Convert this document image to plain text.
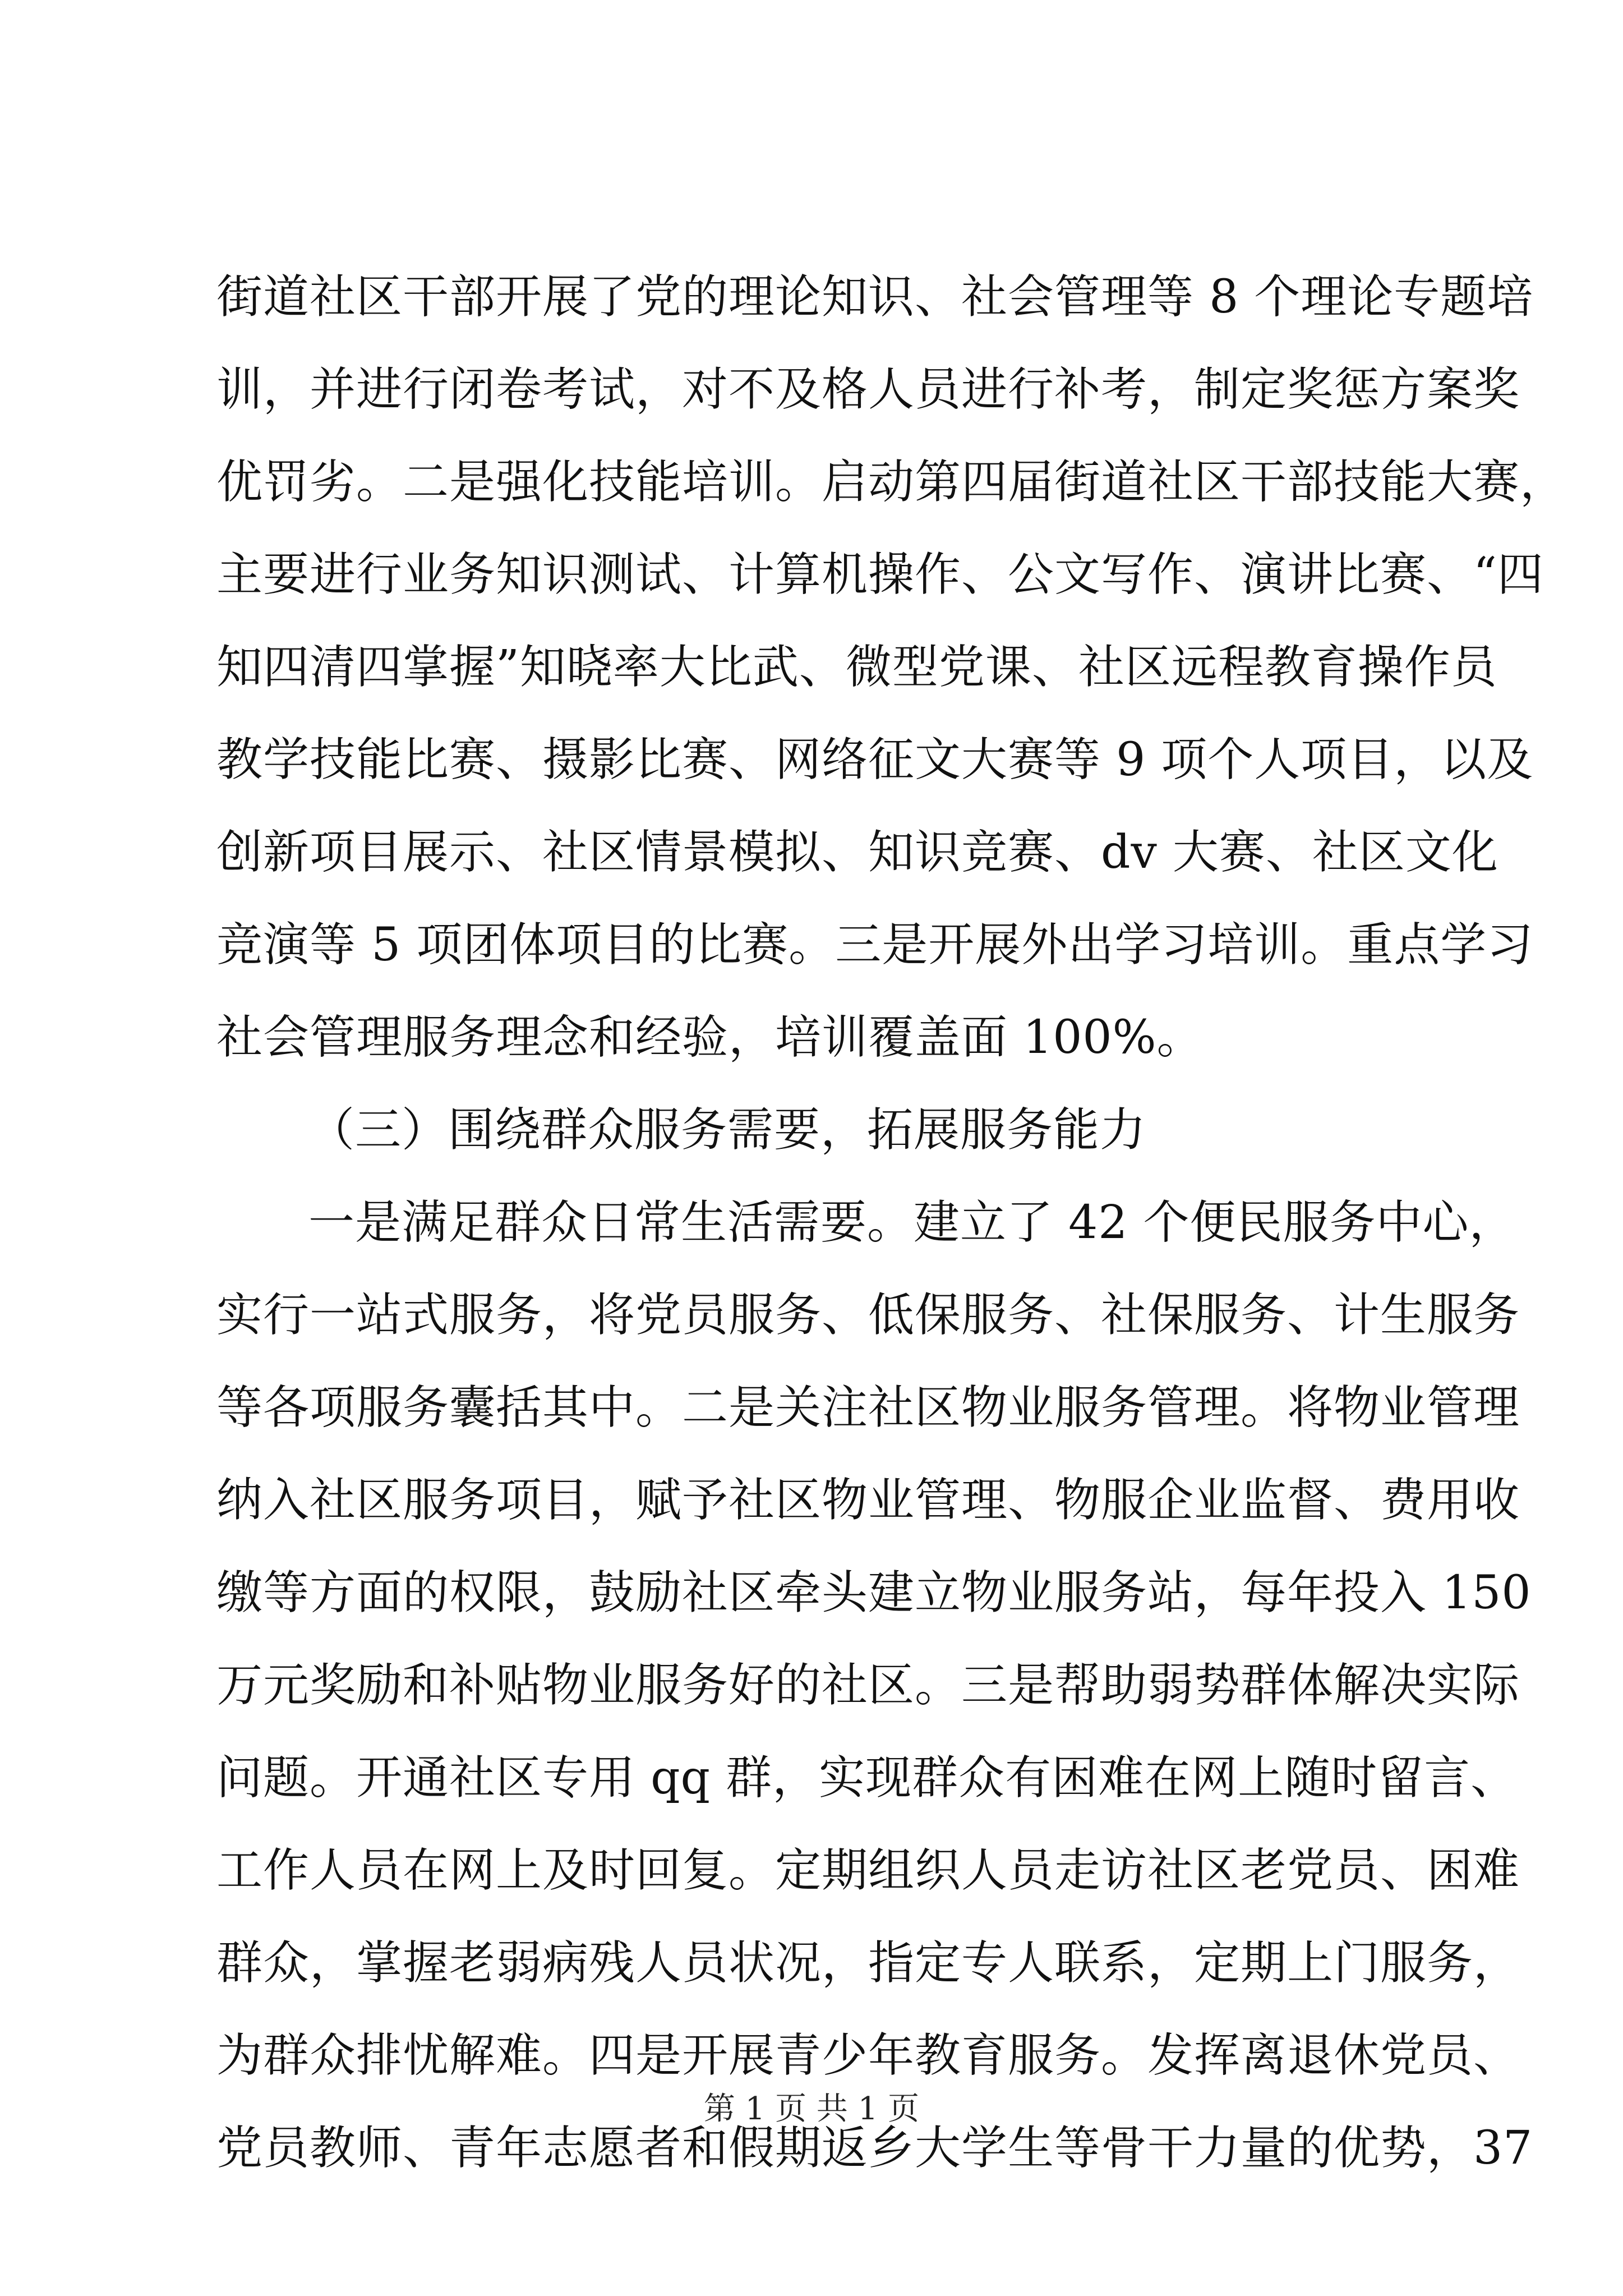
街道社区干部开展了党的理论知识、社会管理等 8 个理论专题培
训，并进行闭卷考试，对不及格人员进行补考，制定奖惩方案奖
优罚劣。二是强化技能培训。启动第四届街道社区干部技能大赛，
主要进行业务知识测试、计算机操作、公文写作、演讲比赛、“四
知四清四掌握”知晓率大比武、微型党课、社区远程教育操作员
教学技能比赛、摄影比赛、网络征文大赛等 9 项个人项目，以及
创新项目展示、社区情景模拟、知识竞赛、dv 大赛、社区文化
竞演等 5 项团体项目的比赛。三是开展外出学习培训。重点学习
社会管理服务理念和经验，培训覆盖面 100%。
（三）围绕群众服务需要，拓展服务能力
一是满足群众日常生活需要。建立了 42 个便民服务中心，
实行一站式服务，将党员服务、低保服务、社保服务、计生服务
等各项服务囊括其中。二是关注社区物业服务管理。将物业管理
纳入社区服务项目，赋予社区物业管理、物服企业监督、费用收
缴等方面的权限，鼓励社区牵头建立物业服务站，每年投入 150
万元奖励和补贴物业服务好的社区。三是帮助弱势群体解决实际
问题。开通社区专用 qq 群，实现群众有困难在网上随时留言、
工作人员在网上及时回复。定期组织人员走访社区老党员、困难
群众，掌握老弱病残人员状况，指定专人联系，定期上门服务，
为群众排忧解难。四是开展青少年教育服务。发挥离退休党员、
党员教师、青年志愿者和假期返乡大学生等骨干力量的优势，37
第 1 页 共 1 页
